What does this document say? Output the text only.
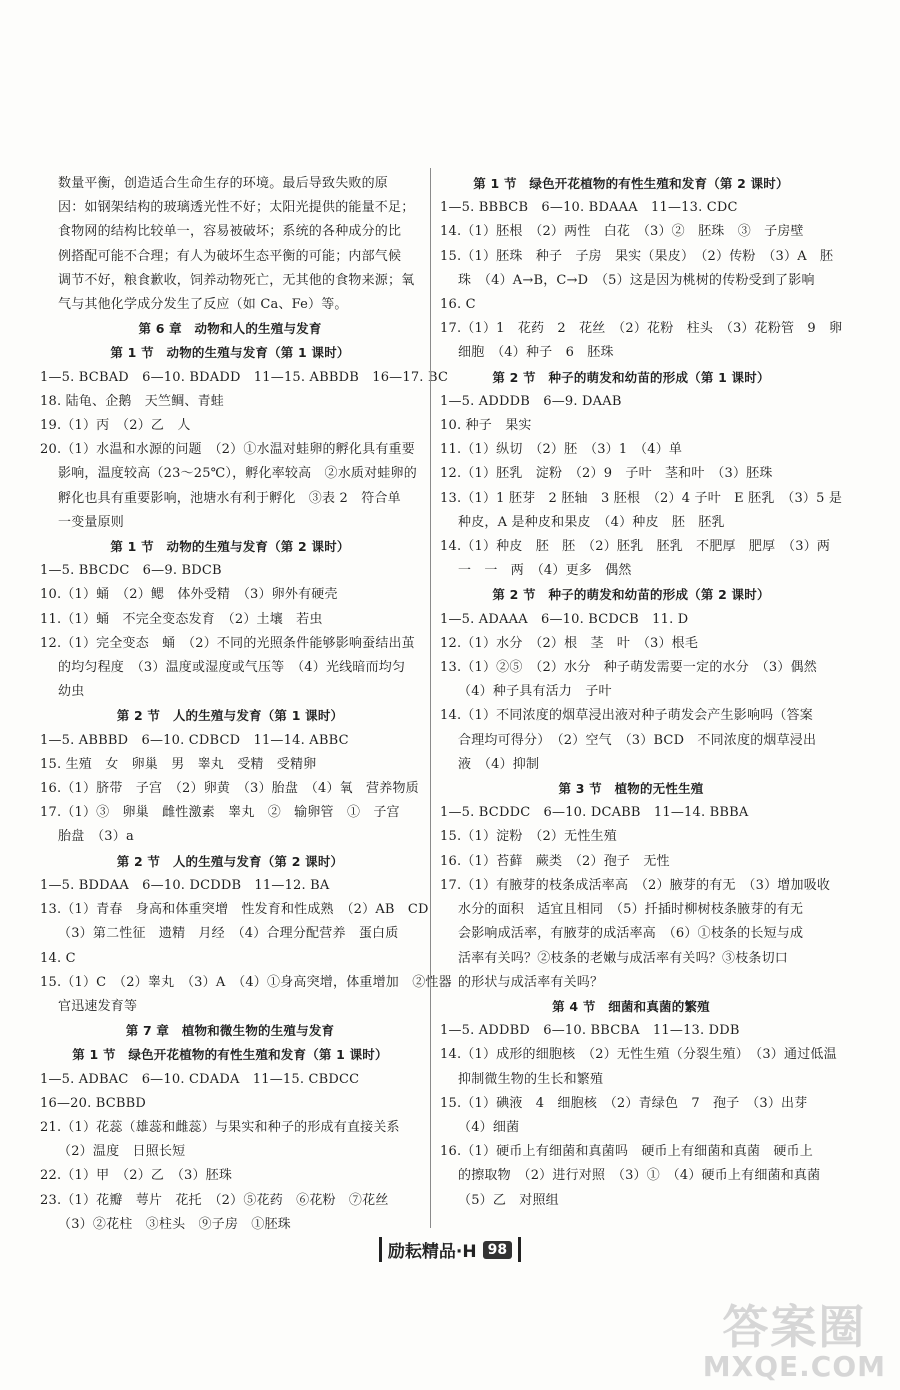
数量平衡，创造适合生命生存的环境。最后导致失败的原
因：如钢架结构的玻璃透光性不好；太阳光提供的能量不足；
食物网的结构比较单一，容易被破坏；系统的各种成分的比
例搭配可能不合理；有人为破坏生态平衡的可能；内部气候
调节不好，粮食歉收，饲养动物死亡，无其他的食物来源；氧
气与其他化学成分发生了反应（如 Ca、Fe）等。
第 6 章　动物和人的生殖与发育
第 1 节　动物的生殖与发育（第 1 课时）
1—5. BCBAD　6—10. BDADD　11—15. ABBDB　16—17. BC
18. 陆龟、企鹅　天竺鲷、青蛙
19.（1）丙　（2）乙　人
20.（1）水温和水源的问题　（2）①水温对蛙卵的孵化具有重要
影响，温度较高（23～25℃），孵化率较高　②水质对蛙卵的
孵化也具有重要影响，池塘水有利于孵化　③表 2　符合单
一变量原则
第 1 节　动物的生殖与发育（第 2 课时）
1—5. BBCDC　6—9. BDCB
10.（1）蛹　（2）鳃　体外受精　（3）卵外有硬壳
11.（1）蛹　不完全变态发育　（2）土壤　若虫
12.（1）完全变态　蛹　（2）不同的光照条件能够影响蚕结出茧
的均匀程度　（3）温度或湿度或气压等　（4）光线暗而均匀
幼虫
第 2 节　人的生殖与发育（第 1 课时）
1—5. ABBBD　6—10. CDBCD　11—14. ABBC
15. 生殖　女　卵巢　男　睾丸　受精　受精卵
16.（1）脐带　子宫　（2）卵黄　（3）胎盘　（4）氧　营养物质
17.（1）③　卵巢　雌性激素　睾丸　②　输卵管　①　子宫
胎盘　（3）a
第 2 节　人的生殖与发育（第 2 课时）
1—5. BDDAA　6—10. DCDDB　11—12. BA
13.（1）青春　身高和体重突增　性发育和性成熟　（2）AB　CD
（3）第二性征　遗精　月经　（4）合理分配营养　蛋白质
14. C
15.（1）C　（2）睾丸　（3）A　（4）①身高突增，体重增加　②性器
官迅速发育等
第 7 章　植物和微生物的生殖与发育
第 1 节　绿色开花植物的有性生殖和发育（第 1 课时）
1—5. ADBAC　6—10. CDADA　11—15. CBDCC
16—20. BCBBD
21.（1）花蕊（雄蕊和雌蕊）与果实和种子的形成有直接关系
（2）温度　日照长短
22.（1）甲　（2）乙　（3）胚珠
23.（1）花瓣　萼片　花托　（2）⑤花药　⑥花粉　⑦花丝
（3）②花柱　③柱头　⑨子房　①胚珠
第 1 节　绿色开花植物的有性生殖和发育（第 2 课时）
1—5. BBBCB　6—10. BDAAA　11—13. CDC
14.（1）胚根　（2）两性　白花　（3）②　胚珠　③　子房壁
15.（1）胚珠　种子　子房　果实（果皮）　（2）传粉　（3）A　胚
珠　（4）A→B，C→D　（5）这是因为桃树的传粉受到了影响
16. C
17.（1）1　花药　2　花丝　（2）花粉　柱头　（3）花粉管　9　卵
细胞　（4）种子　6　胚珠
第 2 节　种子的萌发和幼苗的形成（第 1 课时）
1—5. ADDDB　6—9. DAAB
10. 种子　果实
11.（1）纵切　（2）胚　（3）1　（4）单
12.（1）胚乳　淀粉　（2）9　子叶　茎和叶　（3）胚珠
13.（1）1 胚芽　2 胚轴　3 胚根　（2）4 子叶　E 胚乳　（3）5 是
种皮，A 是种皮和果皮　（4）种皮　胚　胚乳
14.（1）种皮　胚　胚　（2）胚乳　胚乳　不肥厚　肥厚　（3）两
一　一　两　（4）更多　偶然
第 2 节　种子的萌发和幼苗的形成（第 2 课时）
1—5. ADAAA　6—10. BCDCB　11. D
12.（1）水分　（2）根　茎　叶　（3）根毛
13.（1）②⑤　（2）水分　种子萌发需要一定的水分　（3）偶然
（4）种子具有活力　子叶
14.（1）不同浓度的烟草浸出液对种子萌发会产生影响吗（答案
合理均可得分）　（2）空气　（3）BCD　不同浓度的烟草浸出
液　（4）抑制
第 3 节　植物的无性生殖
1—5. BCDDC　6—10. DCABB　11—14. BBBA
15.（1）淀粉　（2）无性生殖
16.（1）苔藓　蕨类　（2）孢子　无性
17.（1）有腋芽的枝条成活率高　（2）腋芽的有无　（3）增加吸收
水分的面积　适宜且相同　（5）扦插时柳树枝条腋芽的有无
会影响成活率，有腋芽的成活率高　（6）①枝条的长短与成
活率有关吗？②枝条的老嫩与成活率有关吗？③枝条切口
的形状与成活率有关吗？
第 4 节　细菌和真菌的繁殖
1—5. ADDBD　6—10. BBCBA　11—13. DDB
14.（1）成形的细胞核　（2）无性生殖（分裂生殖）　（3）通过低温
抑制微生物的生长和繁殖
15.（1）碘液　4　细胞核　（2）青绿色　7　孢子　（3）出芽
（4）细菌
16.（1）硬币上有细菌和真菌吗　硬币上有细菌和真菌　硬币上
的擦取物　（2）进行对照　（3）①　（4）硬币上有细菌和真菌
（5）乙　对照组
励耘精品·H 98
答案圈
MXQE.COM
